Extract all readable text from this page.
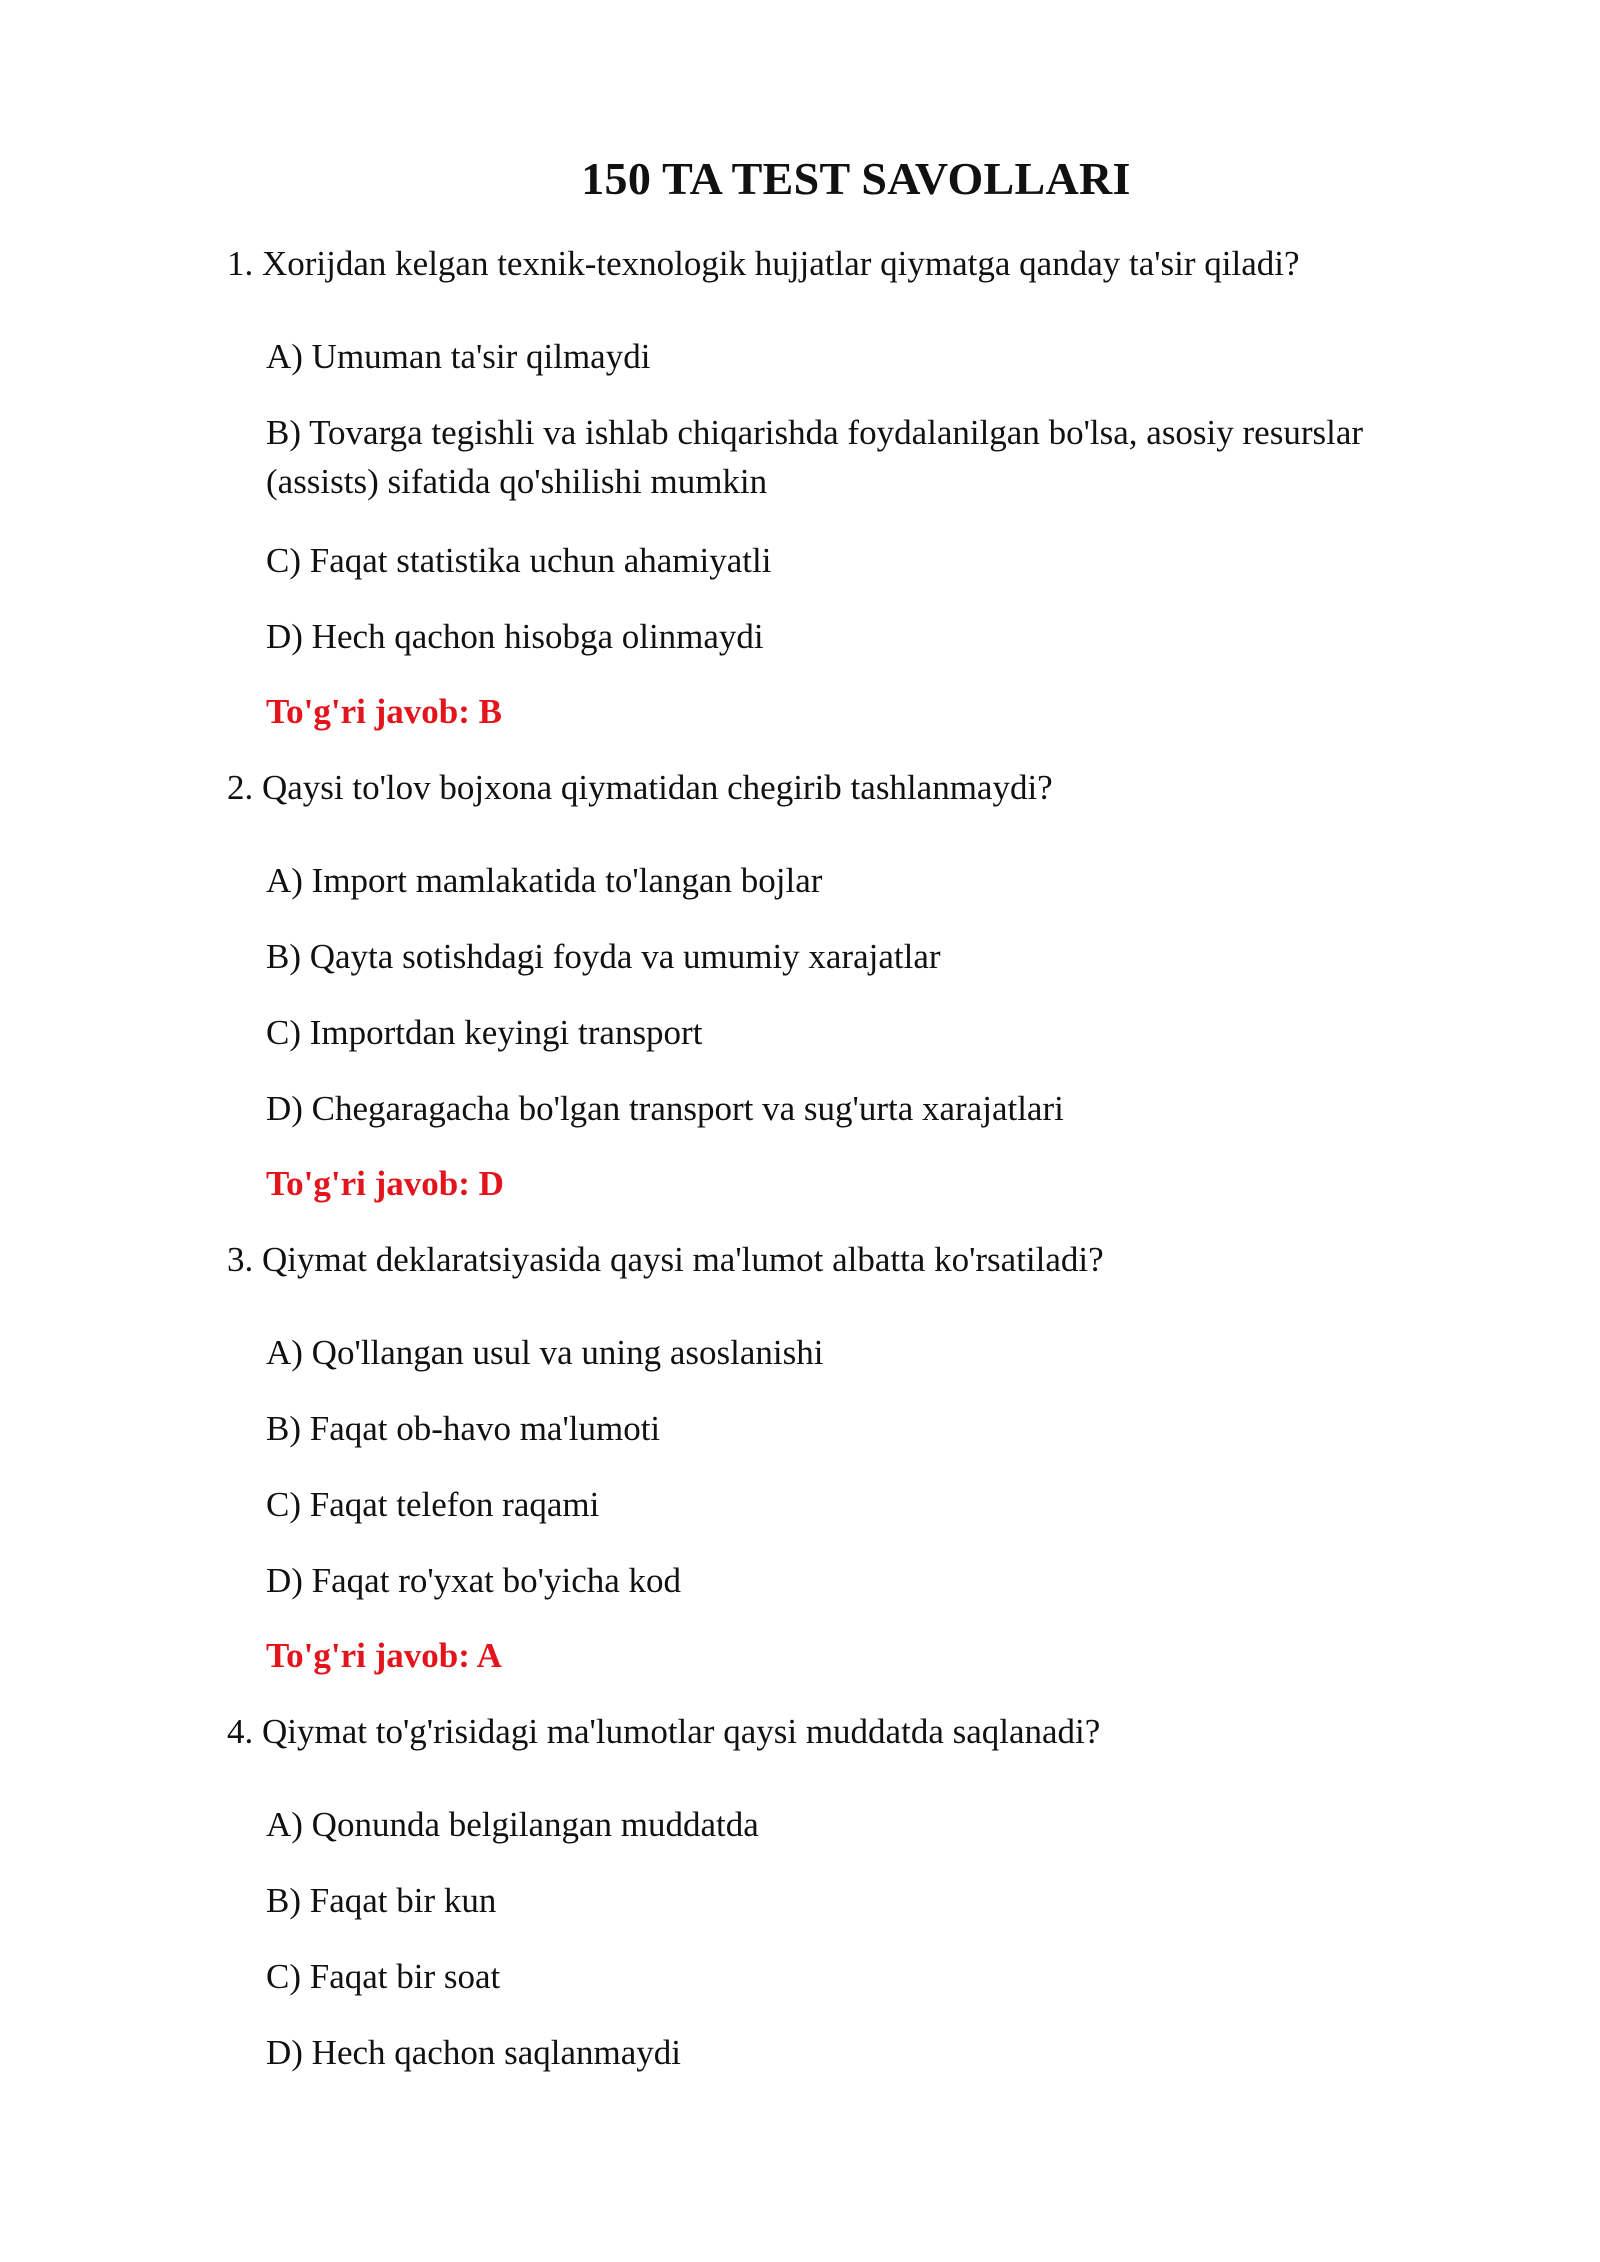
150 TA TEST SAVOLLARI
1. Xorijdan kelgan texnik-texnologik hujjatlar qiymatga qanday ta'sir qiladi?
A) Umuman ta'sir qilmaydi
B) Tovarga tegishli va ishlab chiqarishda foydalanilgan bo'lsa, asosiy resurslar (assists) sifatida qo'shilishi mumkin
C) Faqat statistika uchun ahamiyatli
D) Hech qachon hisobga olinmaydi
To'g'ri javob: B
2. Qaysi to'lov bojxona qiymatidan chegirib tashlanmaydi?
A) Import mamlakatida to'langan bojlar
B) Qayta sotishdagi foyda va umumiy xarajatlar
C) Importdan keyingi transport
D) Chegaragacha bo'lgan transport va sug'urta xarajatlari
To'g'ri javob: D
3. Qiymat deklaratsiyasida qaysi ma'lumot albatta ko'rsatiladi?
A) Qo'llangan usul va uning asoslanishi
B) Faqat ob-havo ma'lumoti
C) Faqat telefon raqami
D) Faqat ro'yxat bo'yicha kod
To'g'ri javob: A
4. Qiymat to'g'risidagi ma'lumotlar qaysi muddatda saqlanadi?
A) Qonunda belgilangan muddatda
B) Faqat bir kun
C) Faqat bir soat
D) Hech qachon saqlanmaydi
